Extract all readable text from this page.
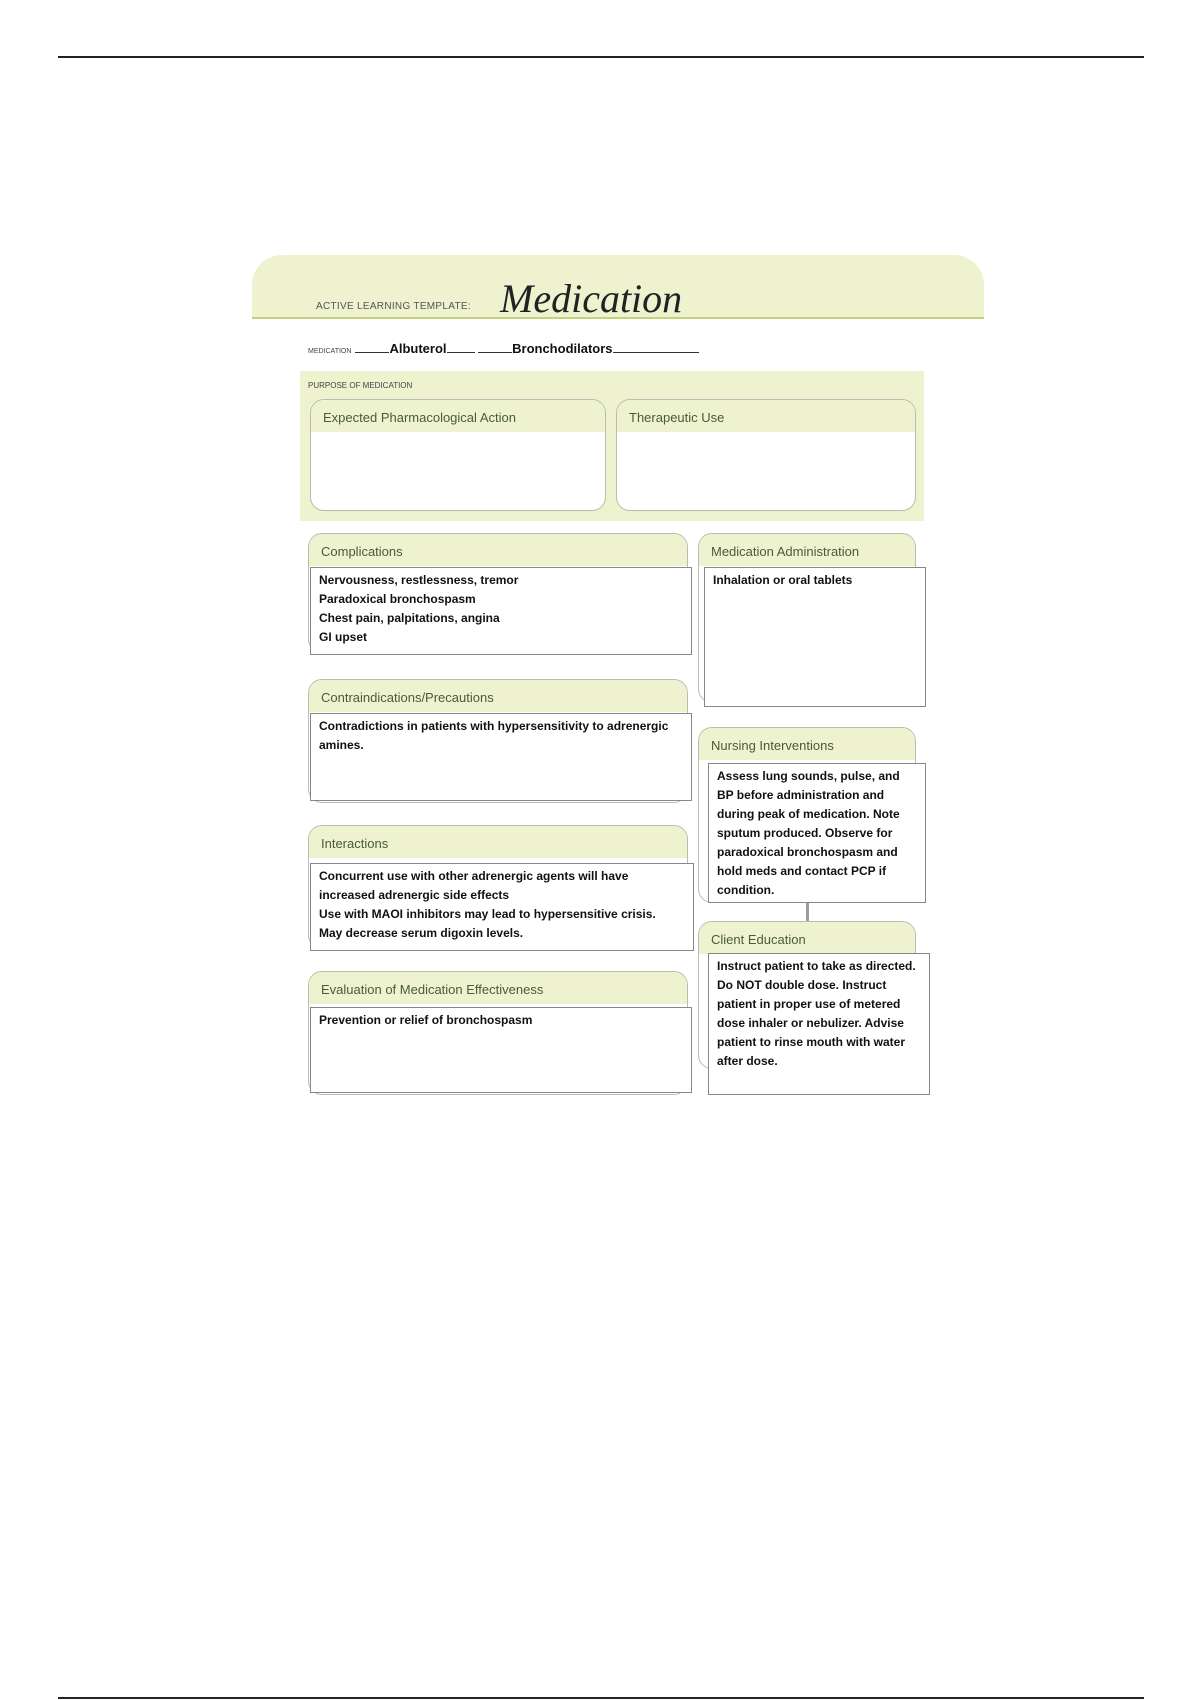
ACTIVE LEARNING TEMPLATE: Medication
MEDICATION	Albuterol	Bronchodilators
PURPOSE OF MEDICATION
Expected Pharmacological Action	Therapeutic Use
Complications
Nervousness, restlessness, tremor
Paradoxical bronchospasm
Chest pain, palpitations, angina
GI upset
Medication Administration
Inhalation or oral tablets
Contraindications/Precautions
Contradictions in patients with hypersensitivity to adrenergic amines.	Nursing Interventions
Assess lung sounds, pulse, and BP before administration and during peak of medication. Note sputum produced. Observe for paradoxical bronchospasm and hold meds and contact PCP if condition.
Interactions
Concurrent use with other adrenergic agents will have increased adrenergic side effects
Use with MAOI inhibitors may lead to hypersensitive crisis.
May decrease serum digoxin levels.	Client Education
Instruct patient to take as directed. Do NOT double dose. Instruct patient in proper use of metered dose inhaler or nebulizer. Advise patient to rinse mouth with water after dose.
Evaluation of Medication Effectiveness
Prevention or relief of bronchospasm
